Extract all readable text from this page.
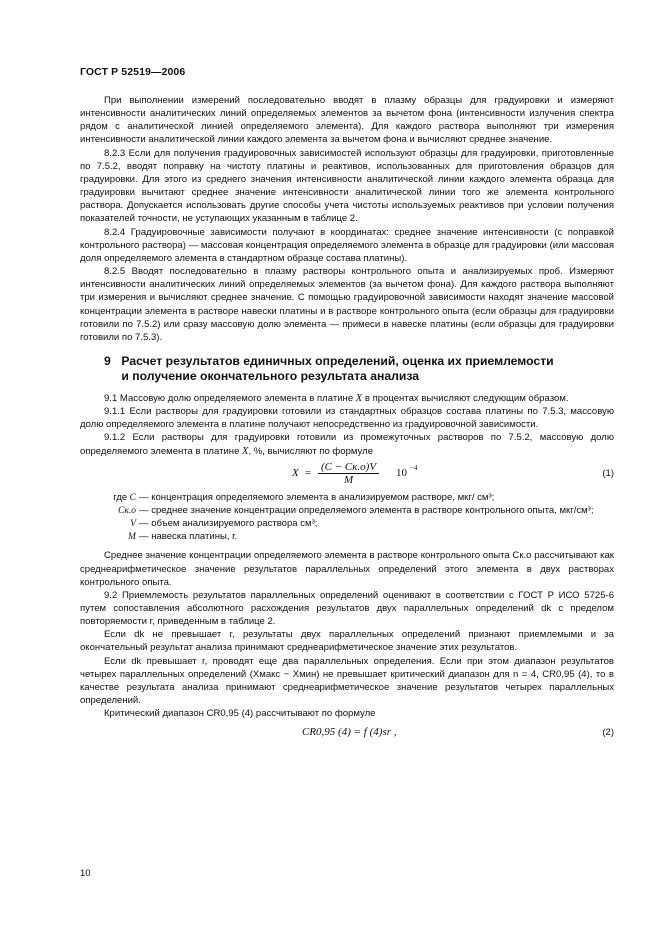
ГОСТ Р 52519—2006

При выполнении измерений последовательно вводят в плазму образцы для градуировки и измеряют интенсивности аналитических линий определяемых элементов за вычетом фона (интенсивности излучения спектра рядом с аналитической линией определяемого элемента). Для каждого раствора выполняют три измерения интенсивности аналитической линии каждого элемента за вычетом фона и вычисляют среднее значение.

8.2.3 Если для получения градуировочных зависимостей используют образцы для градуировки, приготовленные по 7.5.2, вводят поправку на чистоту платины и реактивов, использованных для приготовления образцов для градуировки. Для этого из среднего значения интенсивности аналитической линии каждого элемента образца для градуировки вычитают среднее значение интенсивности аналитической линии того же элемента контрольного раствора. Допускается использовать другие способы учета чистоты используемых реактивов при условии получения показателей точности, не уступающих указанным в таблице 2.

8.2.4 Градуировочные зависимости получают в координатах: среднее значение интенсивности (с поправкой контрольного раствора) — массовая концентрация определяемого элемента в образце для градуировки (или массовая доля определяемого элемента в стандартном образце состава платины).

8.2.5 Вводят последовательно в плазму растворы контрольного опыта и анализируемых проб. Измеряют интенсивности аналитических линий определяемых элементов (за вычетом фона). Для каждого раствора выполняют три измерения и вычисляют среднее значение. С помощью градуировочной зависимости находят значение массовой концентрации элемента в растворе навески платины и в растворе контрольного опыта (если образцы для градуировки готовили по 7.5.2) или сразу массовую долю элемента — примеси в навеске платины (если образцы для градуировки готовили по 7.5.3).

9 Расчет результатов единичных определений, оценка их приемлемости
и получение окончательного результата анализа

9.1 Массовую долю определяемого элемента в платине X в процентах вычисляют следующим образом.

9.1.1 Если растворы для градуировки готовили из стандартных образцов состава платины по 7.5.3, массовую долю определяемого элемента в платине получают непосредственно из градуировочной зависимости.

9.1.2 Если растворы для градуировки готовили из промежуточных растворов по 7.5.2, массовую долю определяемого элемента в платине X, %, вычисляют по формуле

X = (C − Cк.о)V
M
10 −4	(1)
где C — концентрация определяемого элемента в анализируемом растворе, мкг/ см³;
Cк.о — среднее значение концентрации определяемого элемента в растворе контрольного опыта, мкг/см³;
V — объем анализируемого раствора см³;
M — навеска платины, г.

Среднее значение концентрации определяемого элемента в растворе контрольного опыта Cк.о рассчитывают как среднеарифметическое значение результатов параллельных определений этого элемента в двух растворах контрольного опыта.

9.2 Приемлемость результатов параллельных определений оценивают в соответствии с ГОСТ Р ИСО 5725-6 путем сопоставления абсолютного расхождения результатов двух параллельных определений dk с пределом повторяемости r, приведенным в таблице 2.

Если dk не превышает r, результаты двух параллельных определений признают приемлемыми и за окончательный результат анализа принимают среднеарифметическое значение этих результатов.

Если dk превышает r, проводят еще два параллельных определения. Если при этом диапазон результатов четырех параллельных определений (Xмакс − Xмин) не превышает критический диапазон для n = 4, CR0,95 (4), то в качестве результата анализа принимают среднеарифметическое значение результатов четырех параллельных определений.

Критический диапазон CR0,95 (4) рассчитывают по формуле

CR0,95 (4) = f (4)sr ,	(2)
10
